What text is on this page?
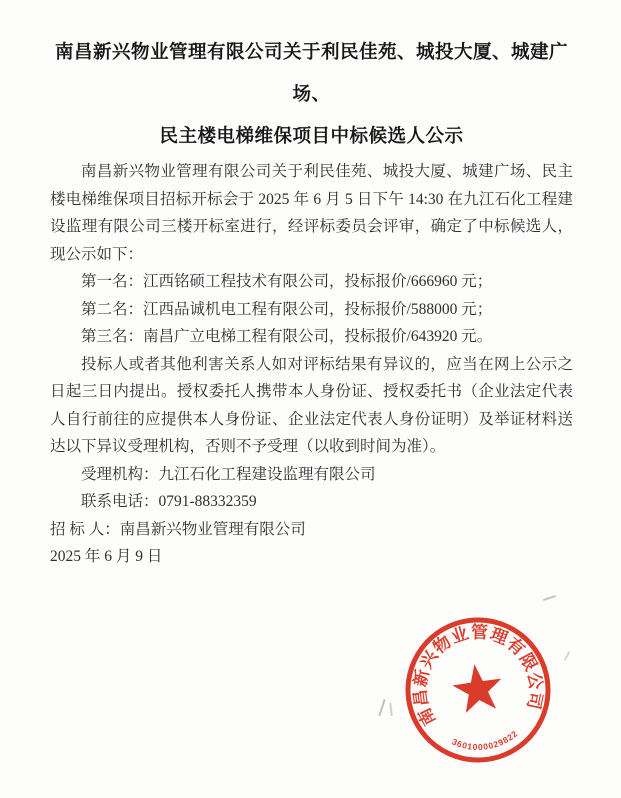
南昌新兴物业管理有限公司关于利民佳苑、城投大厦、城建广场、
民主楼电梯维保项目中标候选人公示

南昌新兴物业管理有限公司关于利民佳苑、城投大厦、城建广场、民主楼电梯维保项目招标开标会于 2025 年 6 月 5 日下午 14:30 在九江石化工程建设监理有限公司三楼开标室进行，经评标委员会评审，确定了中标候选人，现公示如下：

第一名：江西铭硕工程技术有限公司，投标报价/666960 元；

第二名：江西品诚机电工程有限公司，投标报价/588000 元；

第三名：南昌广立电梯工程有限公司，投标报价/643920 元。

投标人或者其他利害关系人如对评标结果有异议的，应当在网上公示之日起三日内提出。授权委托人携带本人身份证、授权委托书（企业法定代表人自行前往的应提供本人身份证、企业法定代表人身份证明）及举证材料送达以下异议受理机构，否则不予受理（以收到时间为准）。

受理机构：九江石化工程建设监理有限公司

联系电话：0791-88332359

招 标 人：南昌新兴物业管理有限公司

2025 年 6 月 9 日

南昌新兴物业管理有限公司
3601000029822
